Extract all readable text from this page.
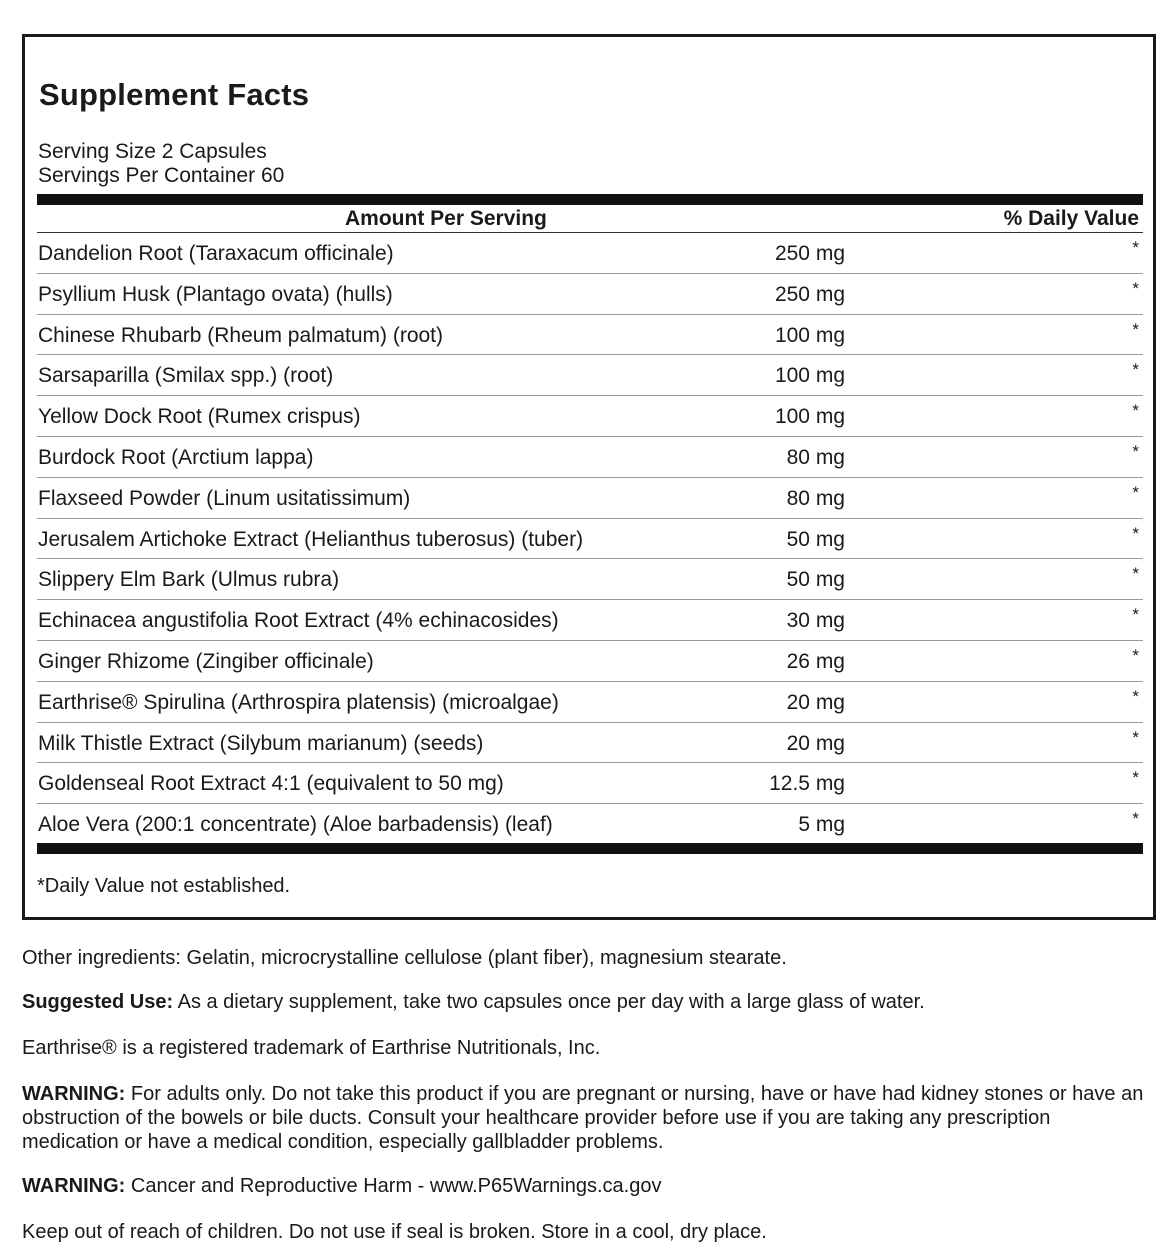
Supplement Facts
Serving Size 2 Capsules
Servings Per Container 60
Amount Per Serving	% Daily Value
Dandelion Root (Taraxacum officinale)	250 mg	*
Psyllium Husk (Plantago ovata) (hulls)	250 mg	*
Chinese Rhubarb (Rheum palmatum) (root)	100 mg	*
Sarsaparilla (Smilax spp.) (root)	100 mg	*
Yellow Dock Root (Rumex crispus)	100 mg	*
Burdock Root (Arctium lappa)	80 mg	*
Flaxseed Powder (Linum usitatissimum)	80 mg	*
Jerusalem Artichoke Extract (Helianthus tuberosus) (tuber)	50 mg	*
Slippery Elm Bark (Ulmus rubra)	50 mg	*
Echinacea angustifolia Root Extract (4% echinacosides)	30 mg	*
Ginger Rhizome (Zingiber officinale)	26 mg	*
Earthrise® Spirulina (Arthrospira platensis) (microalgae)	20 mg	*
Milk Thistle Extract (Silybum marianum) (seeds)	20 mg	*
Goldenseal Root Extract 4:1 (equivalent to 50 mg)	12.5 mg	*
Aloe Vera (200:1 concentrate) (Aloe barbadensis) (leaf)	5 mg	*
*Daily Value not established.
Other ingredients: Gelatin, microcrystalline cellulose (plant fiber), magnesium stearate.
Suggested Use: As a dietary supplement, take two capsules once per day with a large glass of water.
Earthrise® is a registered trademark of Earthrise Nutritionals, Inc.
WARNING: For adults only. Do not take this product if you are pregnant or nursing, have or have had kidney stones or have an obstruction of the bowels or bile ducts. Consult your healthcare provider before use if you are taking any prescription medication or have a medical condition, especially gallbladder problems.
WARNING: Cancer and Reproductive Harm - www.P65Warnings.ca.gov
Keep out of reach of children. Do not use if seal is broken. Store in a cool, dry place.
